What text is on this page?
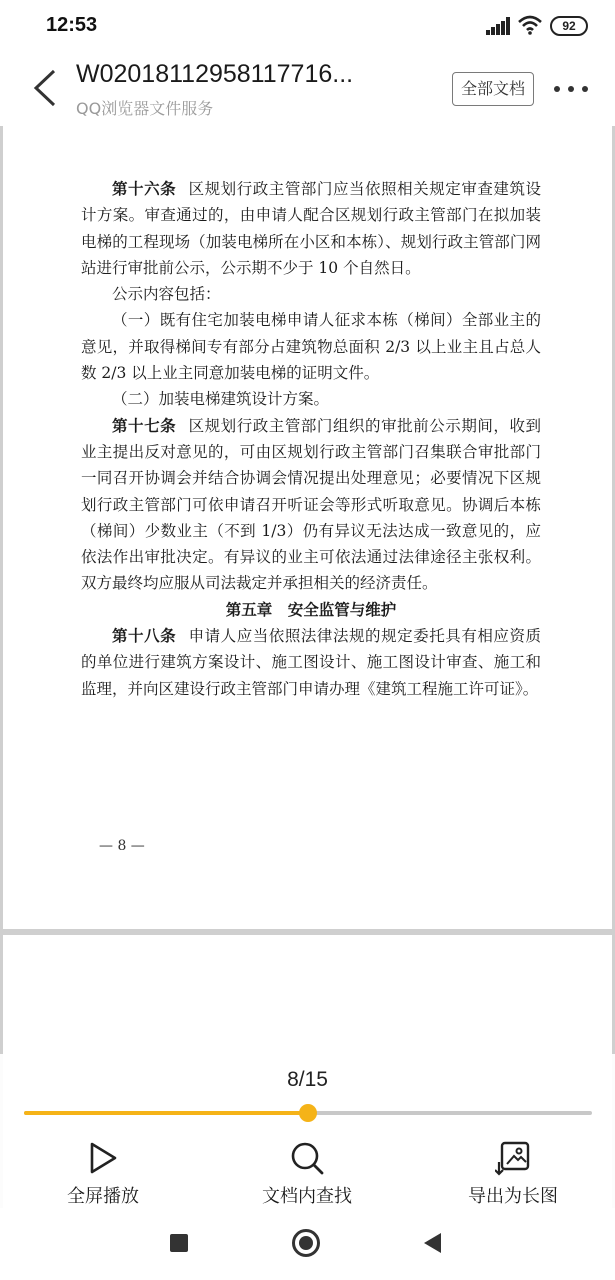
12:53	92
W02018112958117716...
QQ浏览器文件服务
全部文档

第十六条 区规划行政主管部门应当依照相关规定审查建筑设计方案。审查通过的，由申请人配合区规划行政主管部门在拟加装电梯的工程现场（加装电梯所在小区和本栋）、规划行政主管部门网站进行审批前公示，公示期不少于 10 个自然日。

公示内容包括：

（一）既有住宅加装电梯申请人征求本栋（梯间）全部业主的意见，并取得梯间专有部分占建筑物总面积 2/3 以上业主且占总人数 2/3 以上业主同意加装电梯的证明文件。

（二）加装电梯建筑设计方案。

第十七条 区规划行政主管部门组织的审批前公示期间，收到业主提出反对意见的，可由区规划行政主管部门召集联合审批部门一同召开协调会并结合协调会情况提出处理意见；必要情况下区规划行政主管部门可依申请召开听证会等形式听取意见。协调后本栋（梯间）少数业主（不到 1/3）仍有异议无法达成一致意见的，应依法作出审批决定。有异议的业主可依法通过法律途径主张权利。双方最终均应服从司法裁定并承担相关的经济责任。

第五章　安全监管与维护

第十八条 申请人应当依照法律法规的规定委托具有相应资质的单位进行建筑方案设计、施工图设计、施工图设计审查、施工和监理，并向区建设行政主管部门申请办理《建筑工程施工许可证》。

— 8 —
8/15
全屏播放	文档内查找	导出为长图
